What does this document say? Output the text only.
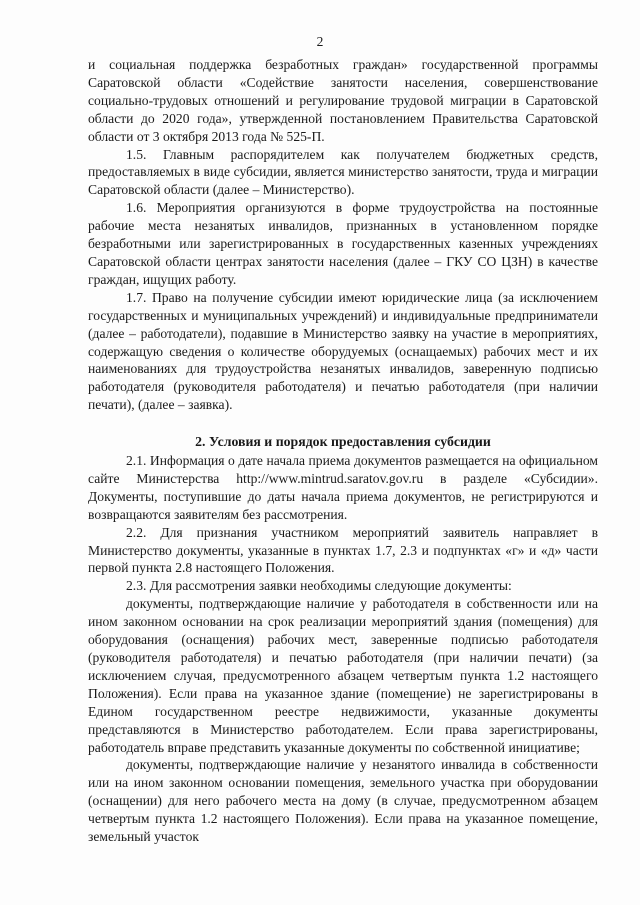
2

и социальная поддержка безработных граждан» государственной программы Саратовской области «Содействие занятости населения, совершенствование социально-трудовых отношений и регулирование трудовой миграции в Саратовской области до 2020 года», утвержденной постановлением Правительства Саратовской области от 3 октября 2013 года № 525-П.

1.5. Главным распорядителем как получателем бюджетных средств, предоставляемых в виде субсидии, является министерство занятости, труда и миграции Саратовской области (далее – Министерство).

1.6. Мероприятия организуются в форме трудоустройства на постоянные рабочие места незанятых инвалидов, признанных в установленном порядке безработными или зарегистрированных в государственных казенных учреждениях Саратовской области центрах занятости населения (далее – ГКУ СО ЦЗН) в качестве граждан, ищущих работу.

1.7. Право на получение субсидии имеют юридические лица (за исключением государственных и муниципальных учреждений) и индивидуальные предприниматели (далее – работодатели), подавшие в Министерство заявку на участие в мероприятиях, содержащую сведения о количестве оборудуемых (оснащаемых) рабочих мест и их наименованиях для трудоустройства незанятых инвалидов, заверенную подписью работодателя (руководителя работодателя) и печатью работодателя (при наличии печати), (далее – заявка).

2. Условия и порядок предоставления субсидии

2.1. Информация о дате начала приема документов размещается на официальном сайте Министерства http://www.mintrud.saratov.gov.ru в разделе «Субсидии». Документы, поступившие до даты начала приема документов, не регистрируются и возвращаются заявителям без рассмотрения.

2.2. Для признания участником мероприятий заявитель направляет в Министерство документы, указанные в пунктах 1.7, 2.3 и подпунктах «г» и «д» части первой пункта 2.8 настоящего Положения.

2.3. Для рассмотрения заявки необходимы следующие документы:

документы, подтверждающие наличие у работодателя в собственности или на ином законном основании на срок реализации мероприятий здания (помещения) для оборудования (оснащения) рабочих мест, заверенные подписью работодателя (руководителя работодателя) и печатью работодателя (при наличии печати) (за исключением случая, предусмотренного абзацем четвертым пункта 1.2 настоящего Положения). Если права на указанное здание (помещение) не зарегистрированы в Едином государственном реестре недвижимости, указанные документы представляются в Министерство работодателем. Если права зарегистрированы, работодатель вправе представить указанные документы по собственной инициативе;

документы, подтверждающие наличие у незанятого инвалида в собственности или на ином законном основании помещения, земельного участка при оборудовании (оснащении) для него рабочего места на дому (в случае, предусмотренном абзацем четвертым пункта 1.2 настоящего Положения). Если права на указанное помещение, земельный участок
